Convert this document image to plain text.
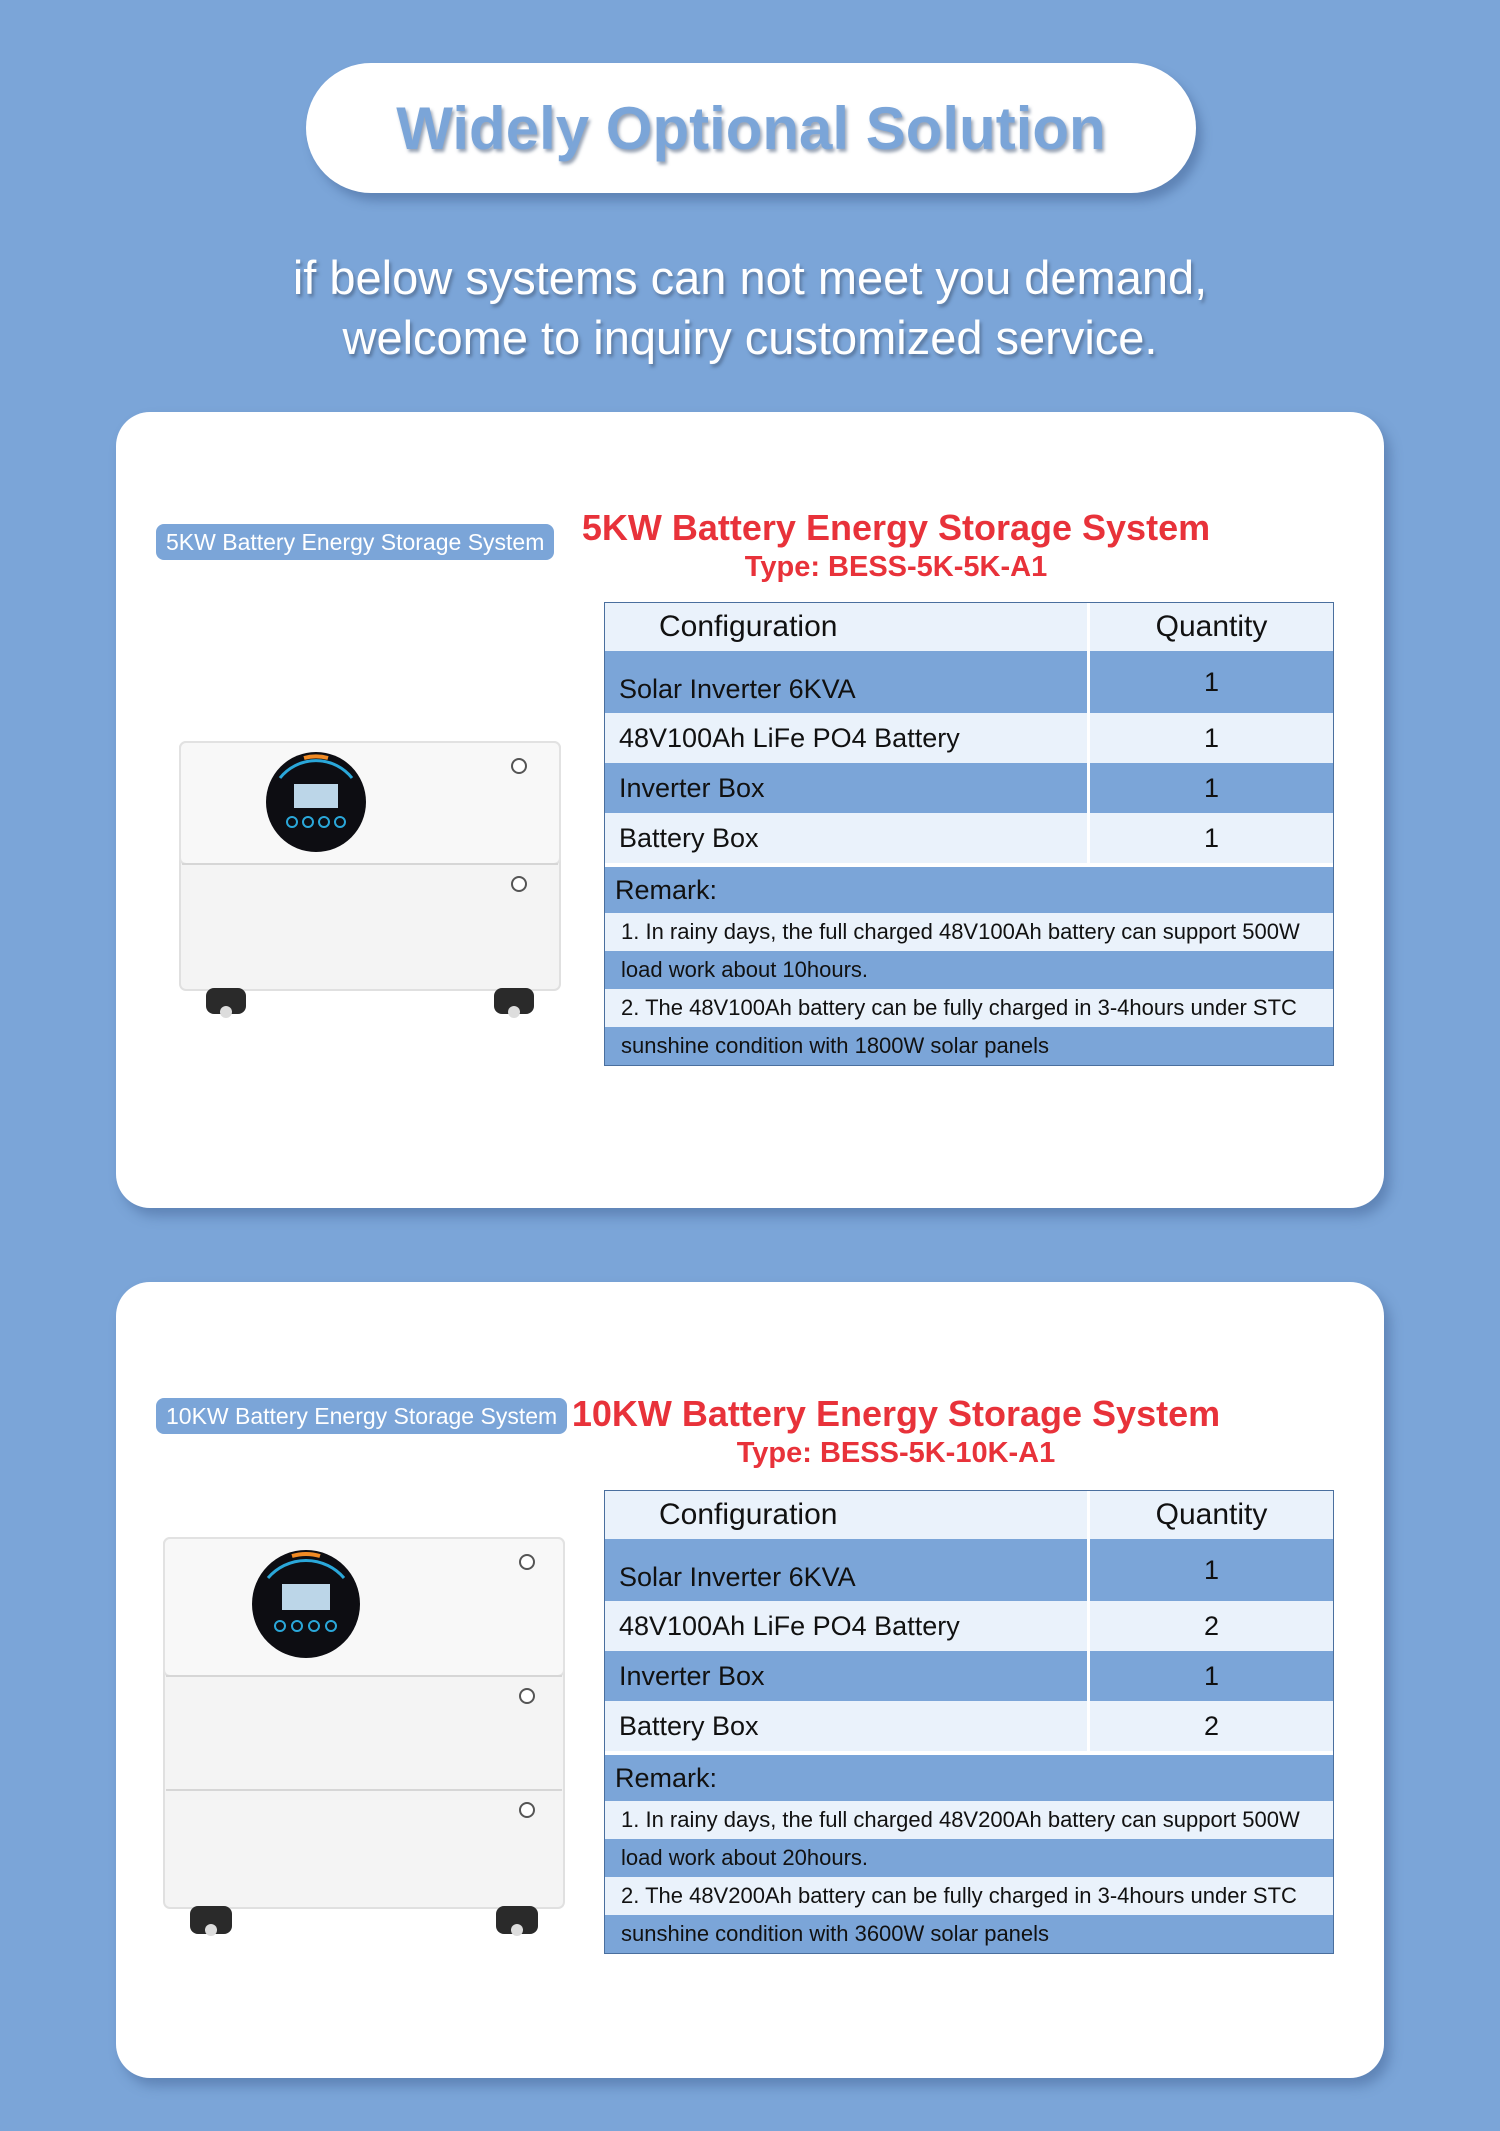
Widely Optional Solution
if below systems can not meet you demand,
welcome to inquiry customized service.
5KW Battery Energy Storage System	5KW Battery Energy Storage System
Type: BESS-5K-5K-A1
Configuration	Quantity
Solar Inverter 6KVA	1
48V100Ah LiFe PO4 Battery	1
Inverter Box	1
Battery Box	1
Remark:
1. In rainy days, the full charged 48V100Ah battery can support 500W
load work about 10hours.
2. The 48V100Ah battery can be fully charged in 3-4hours under STC
sunshine condition with 1800W solar panels
10KW Battery Energy Storage System 10KW Battery Energy Storage System
Type: BESS-5K-10K-A1
Configuration	Quantity
Solar Inverter 6KVA	1
48V100Ah LiFe PO4 Battery	2
Inverter Box	1
Battery Box	2
Remark:
1. In rainy days, the full charged 48V200Ah battery can support 500W
load work about 20hours.
2. The 48V200Ah battery can be fully charged in 3-4hours under STC
sunshine condition with 3600W solar panels
